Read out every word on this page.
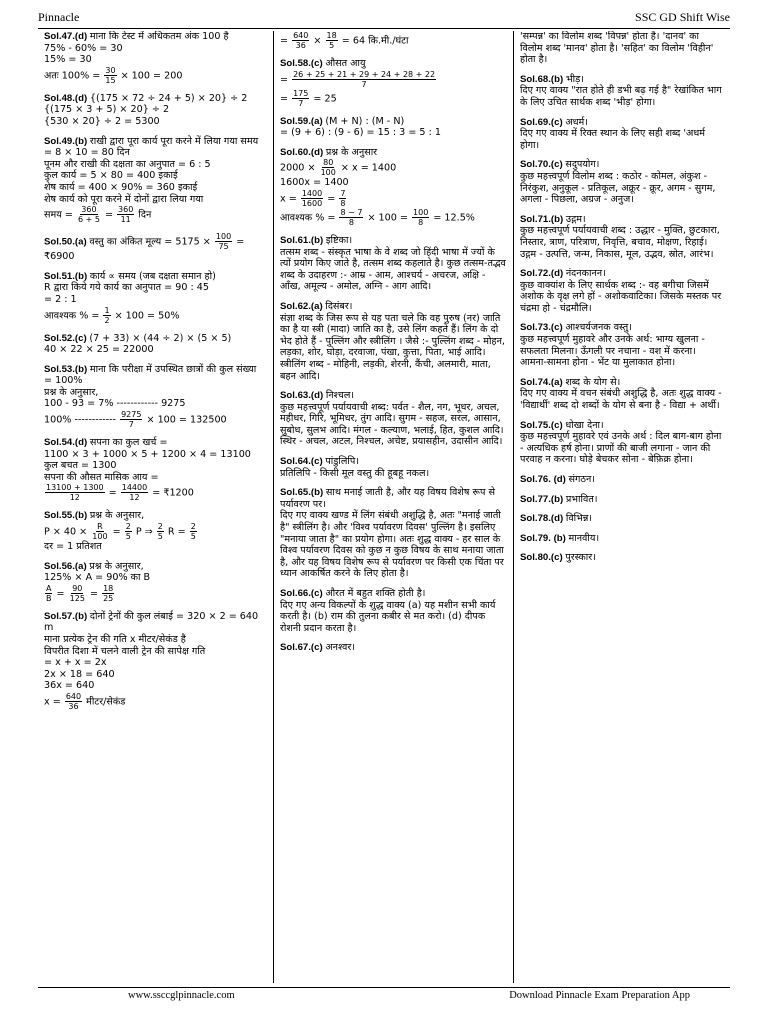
Pinnacle	SSC GD Shift Wise
Sol.47.(d) माना कि टेस्ट में अधिकतम अंक 100 है
75% - 60% = 30
15% = 30
अतः $100\% = \frac{30}{15} \times 100 = 200$
Sol.48.(d) {(175 × 72 ÷ 24 + 5) × 20} ÷ 2
{(175 × 3 + 5) × 20} ÷ 2
{530 × 20} ÷ 2 = 5300
Sol.49.(b) राखी द्वारा पूरा कार्य पूरा करने में लिया गया समय = 8 × 10 = 80 दिन
पूनम और राखी की दक्षता का अनुपात = 6 : 5
कुल कार्य = 5 × 80 = 400 इकाई
शेष कार्य = 400 × 90% = 360 इकाई
शेष कार्य को पूरा करने में दोनों द्वारा लिया गया
समय = $\frac{360}{6 + 5} = \frac{360}{11}$ दिन
Sol.50.(a) वस्तु का अंकित मूल्य = $5175 \times \frac{100}{75}$ = ₹6900
Sol.51.(b) कार्य ∝ समय (जब दक्षता समान हो)
R द्वारा किये गये कार्य का अनुपात = 90 : 45
= 2 : 1
आवश्यक % = $\frac{1}{2} \times 100 = 50\%$
Sol.52.(c) (7 + 33) × (44 ÷ 2) × (5 × 5)
40 × 22 × 25 = 22000
Sol.53.(b) माना कि परीक्षा में उपस्थित छात्रों की कुल संख्या = 100%
प्रश्न के अनुसार,
100 - 93 = 7% ------------ 9275
100% ------------ $\frac{9275}{7} \times 100 = 132500$
Sol.54.(d) सपना का कुल खर्च =
1100 × 3 + 1000 × 5 + 1200 × 4 = 13100
कुल बचत = 1300
सपना की औसत मासिक आय =
$\frac{13100 + 1300}{12} = \frac{14400}{12}$ = ₹1200
Sol.55.(b) प्रश्न के अनुसार,
$P \times 40 \times \frac{R}{100} = \frac{2}{5}$ P ⇒ $\frac{2}{5}$ $R = \frac{2}{5}$
दर = 1 प्रतिशत
Sol.56.(a) प्रश्न के अनुसार,
125% × A = 90% का B
$\frac{A}{B} = \frac{90}{125} = \frac{18}{25}$
Sol.57.(b) दोनों ट्रेनों की कुल लंबाई = 320 × 2 = 640 m
माना प्रत्येक ट्रेन की गति x मीटर/सेकंड है
विपरीत दिशा में चलने वाली ट्रेन की सापेक्ष गति
= x + x = 2x
2x × 18 = 640
36x = 640
$x = \frac{640}{36}$ मीटर/सेकंड
= $\frac{640}{36} \times \frac{18}{5} = 64$ कि.मी./घंटा
Sol.58.(c) औसत आयु
= $\frac{26 + 25 + 21 + 29 + 24 + 28 + 22}{7}$
= $\frac{175}{7} = 25$
Sol.59.(a) (M + N) : (M - N)
= (9 + 6) : (9 - 6) = 15 : 3 = 5 : 1
Sol.60.(d) प्रश्न के अनुसार
$2000 \times \frac{80}{100} \times x = 1400$
1600x = 1400
$x = \frac{1400}{1600} = \frac{7}{8}$
आवश्यक % = $\frac{8 - 7}{8} \times 100 = \frac{100}{8} = 12.5\%$
Sol.61.(b) इष्टिका।
तत्सम शब्द - संस्कृत भाषा के वे शब्द जो हिंदी भाषा में ज्यों के त्यों प्रयोग किए जाते है, तत्सम शब्द कहलाते है। कुछ तत्सम-तद्भव शब्द के उदाहरण :- आम्र - आम, आश्चर्य - अचरज, अक्षि - आँख, अमूल्य - अमोल, अग्नि - आग आदि।
Sol.62.(a) दिसंबर।
संज्ञा शब्द के जिस रूप से यह पता चले कि वह पुरुष (नर) जाति का है या स्त्री (मादा) जाति का है, उसे लिंग कहते हैं। लिंग के दो भेद होते हैं - पुल्लिंग और स्त्रीलिंग । जैसे :- पुल्लिंग शब्द - मोहन, लड़का, शोर, घोड़ा, दरवाजा, पंखा, कुत्ता, पिता, भाई आदि। स्त्रीलिंग शब्द - मोहिनी, लड़की, शेरनी, कैंची, अलमारी, माता, बहन आदि।
Sol.63.(d) निश्चल।
कुछ महत्त्वपूर्ण पर्यायवाची शब्द: पर्वत - शैल, नग, भूधर, अचल, महीधर, गिरि, भूमिधर, तुंग आदि। सुगम - सहज, सरल, आसान, सुबोध, सुलभ आदि। मंगल - कल्याण, भलाई, हित, कुशल आदि। स्थिर - अचल, अटल, निश्चल, अचेष्ट, प्रयासहीन, उदासीन आदि।
Sol.64.(c) पांडुलिपि।
प्रतिलिपि - किसी मूल वस्तु की हूबहू नकल।
Sol.65.(b) साथ मनाई जाती है, और यह विषय विशेष रूप से पर्यावरण पर।
दिए गए वाक्य खण्ड में लिंग संबंधी अशुद्धि है, अतः "मनाई जाती है" स्त्रीलिंग है। और 'विश्व पर्यावरण दिवस' पुल्लिंग है। इसलिए "मनाया जाता है" का प्रयोग होगा। अतः शुद्ध वाक्य - हर साल के विश्व पर्यावरण दिवस को कुछ न कुछ विषय के साथ मनाया जाता है, और यह विषय विशेष रूप से पर्यावरण पर किसी एक चिंता पर ध्यान आकर्षित करने के लिए होता है।
Sol.66.(c) औरत में बहुत शक्ति होती है।
दिए गए अन्य विकल्पों के शुद्ध वाक्य (a) यह मशीन सभी कार्य करती है। (b) राम की तुलना कबीर से मत करो। (d) दीपक रोशनी प्रदान करता है।
Sol.67.(c) अनश्वर।
'सम्पन्न' का विलोम शब्द 'विपन्न' होता है। 'दानव' का विलोम शब्द 'मानव' होता है। 'सहित' का विलोम 'विहीन' होता है।
Sol.68.(b) भीड़।
दिए गए वाक्य "रात होते ही डभी बढ़ गई है" रेखांकित भाग के लिए उचित सार्थक शब्द 'भीड़' होगा।
Sol.69.(c) अधर्म।
दिए गए वाक्य में रिक्त स्थान के लिए सही शब्द 'अधर्म होगा।
Sol.70.(c) सदुपयोग।
कुछ महत्त्वपूर्ण विलोम शब्द : कठोर - कोमल, अंकुश - निरंकुश, अनुकूल - प्रतिकूल, अक्रूर - क्रूर, अगम - सुगम, अगला - पिछला, अग्रज - अनुज।
Sol.71.(b) उद्गम।
कुछ महत्त्वपूर्ण पर्यायवाची शब्द : उद्धार - मुक्ति, छुटकारा, निस्तार, त्राण, परित्राण, निवृत्ति, बचाव, मोक्षण, रिहाई। उद्गम - उत्पत्ति, जन्म, निकास, मूल, उद्भव, स्रोत, आरंभ।
Sol.72.(d) नंदनकानन।
कुछ वाक्यांश के लिए सार्थक शब्द :- वह बगीचा जिसमें अशोक के वृक्ष लगे हों - अशोकवाटिका। जिसके मस्तक पर चंद्रमा हो - चंद्रमौलि।
Sol.73.(c) आश्चर्यजनक वस्तु।
कुछ महत्त्वपूर्ण मुहावरे और उनके अर्थ: भाग्य खुलना - सफलता मिलना। ऊँगली पर नचाना - वश में करना। आमना-सामना होना - भेंट या मुलाकात होना।
Sol.74.(a) शब्द के योग से।
दिए गए वाक्य में वचन संबंधी अशुद्धि है, अतः शुद्ध वाक्य - 'विद्यार्थी' शब्द दो शब्दों के योग से बना है - विद्या + अर्थी।
Sol.75.(c) धोखा देना।
कुछ महत्त्वपूर्ण मुहावरे एवं उनके अर्थ : दिल बाग-बाग होना - अत्यधिक हर्ष होना। प्राणों की बाजी लगाना - जान की परवाह न करना। घोड़े बेचकर सोना - बेफ़िक्र होना।
Sol.76. (d) संगठन।
Sol.77.(b) प्रभावित।
Sol.78.(d) विभिन्न।
Sol.79. (b) मानवीय।
Sol.80.(c) पुरस्कार।
www.ssccglpinnacle.com	Download Pinnacle Exam Preparation App
